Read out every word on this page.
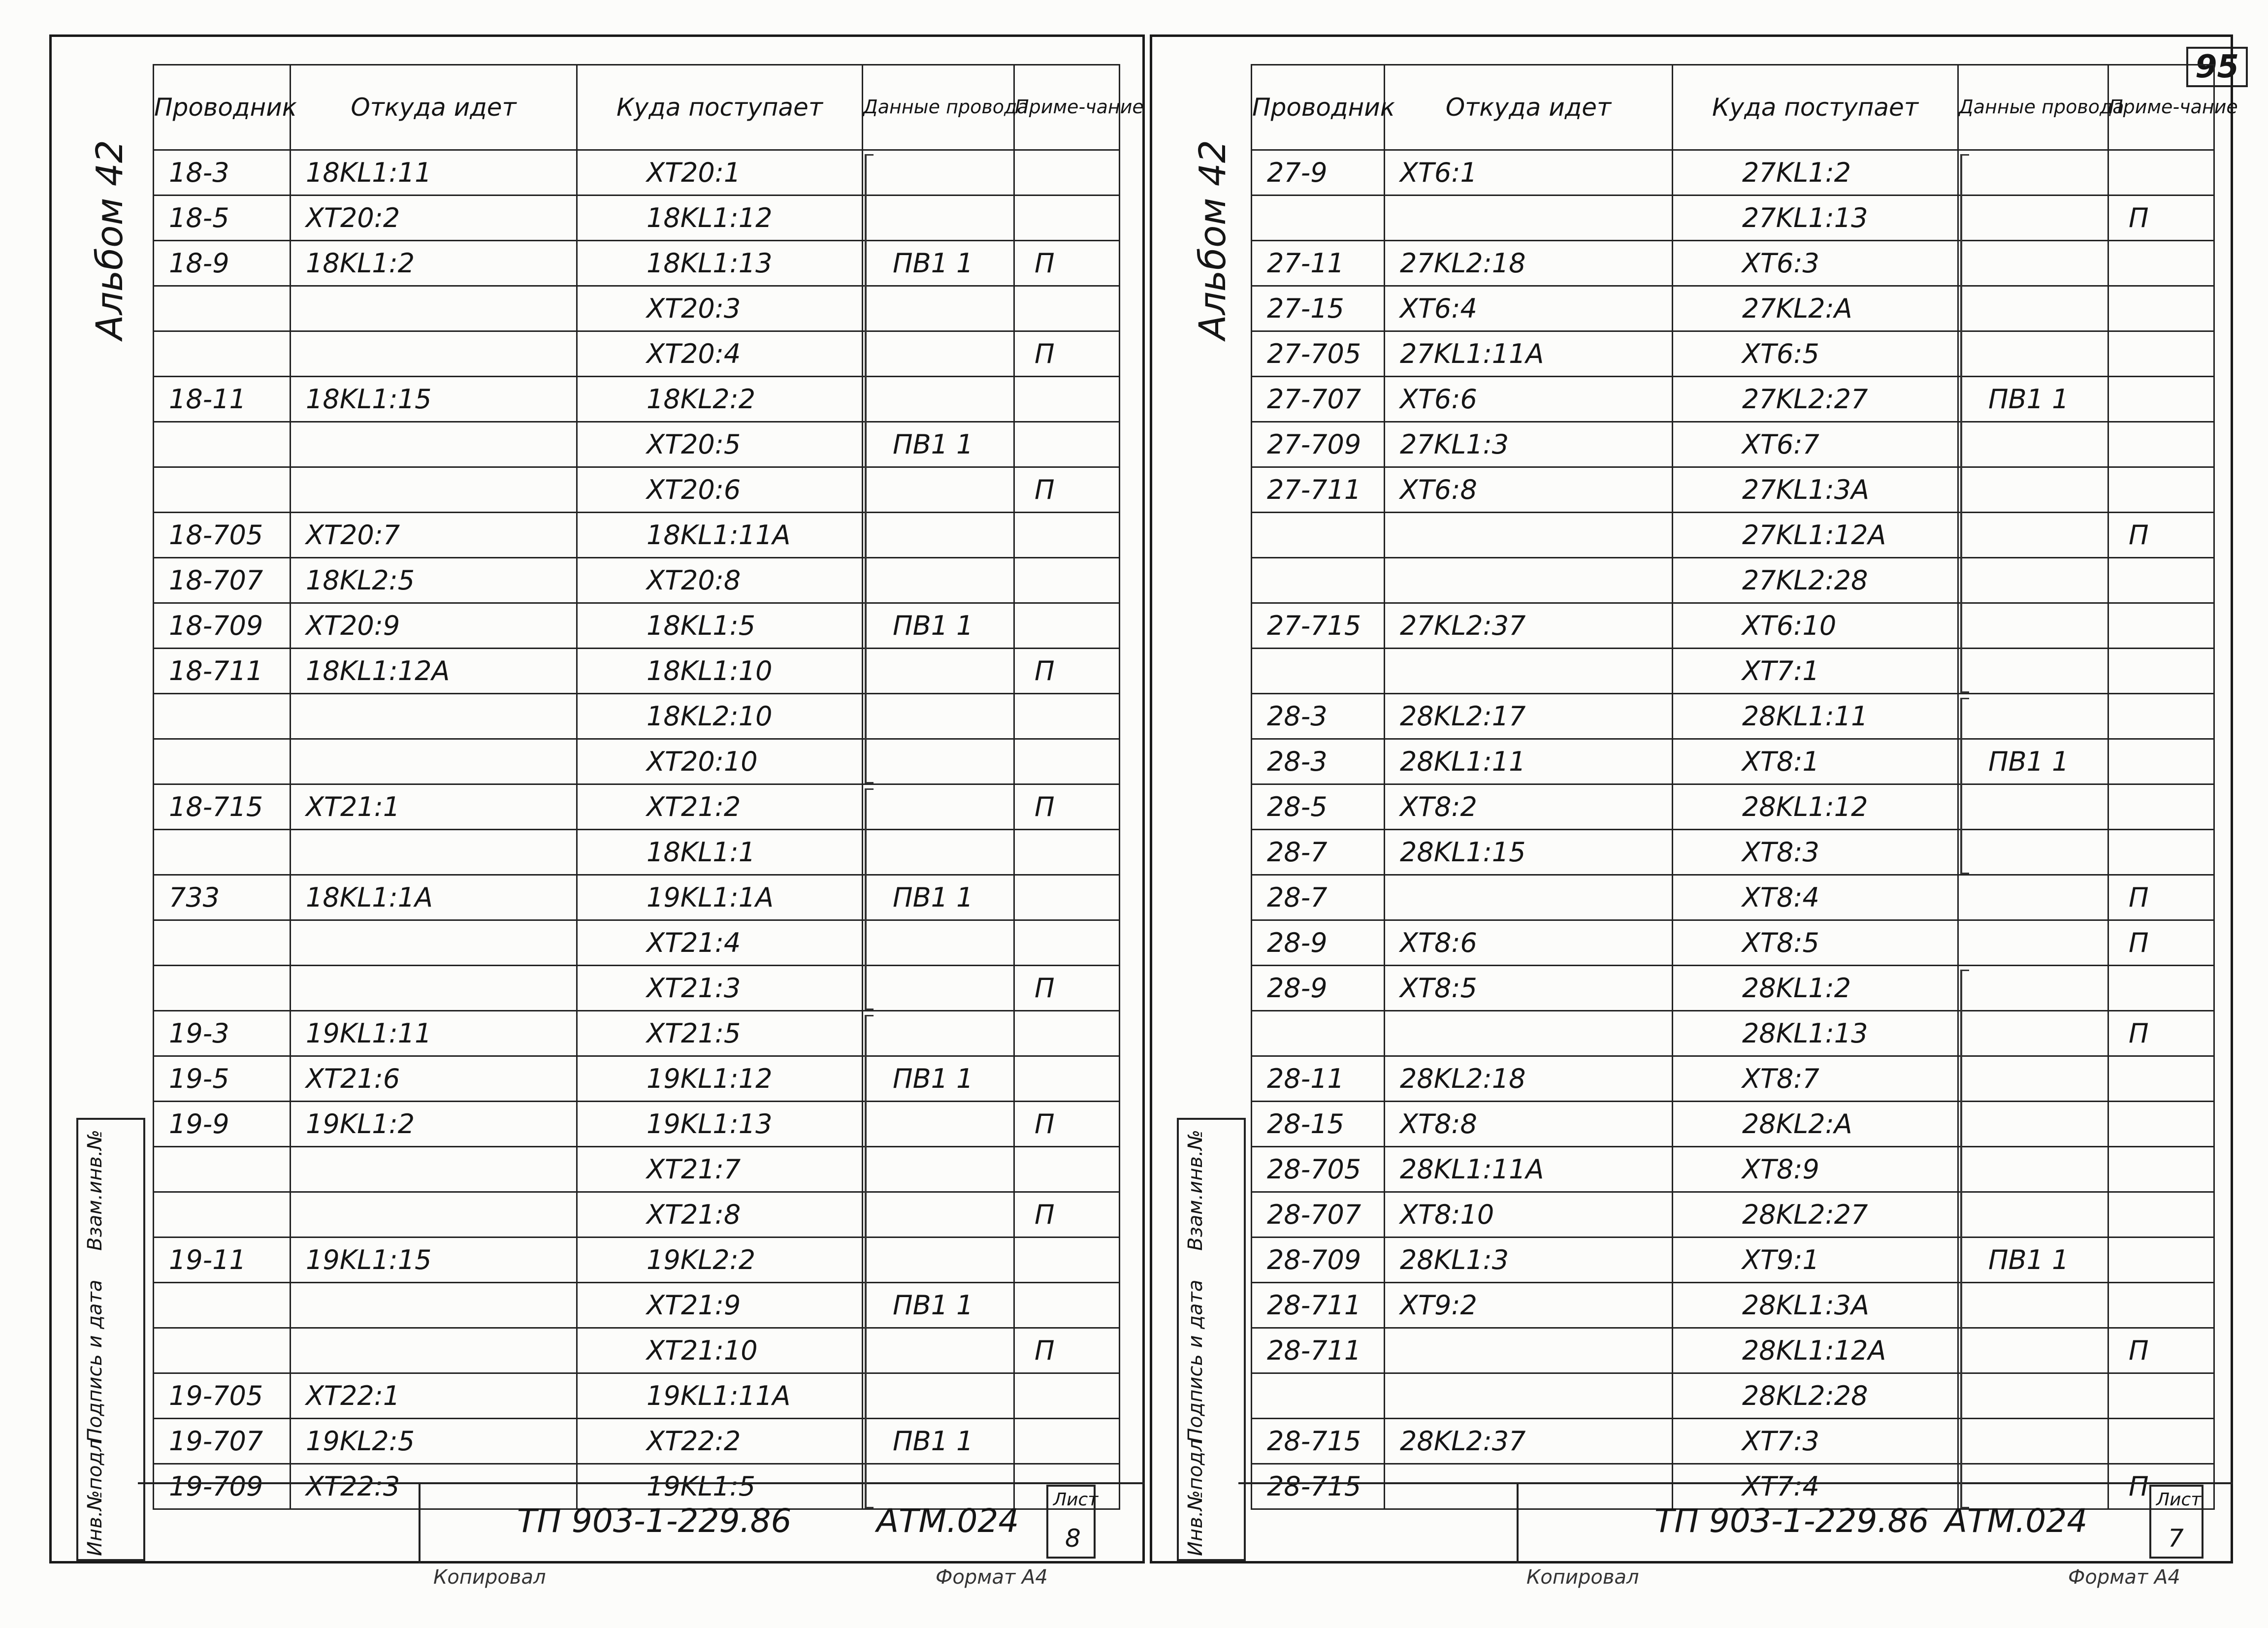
95
Альбом 42
Проводник	Откуда идет	Куда поступает	Данные провода	Приме-чание
18-3	18KL1:11	XT20:1		
18-5	XT20:2	18KL1:12		
18-9	18KL1:2	18KL1:13	ПВ1 1	П
		XT20:3		
		XT20:4		П
18-11	18KL1:15	18KL2:2		
		XT20:5	ПВ1 1	
		XT20:6		П
18-705	XT20:7	18KL1:11A		
18-707	18KL2:5	XT20:8		
18-709	XT20:9	18KL1:5	ПВ1 1	
18-711	18KL1:12A	18KL1:10		П
		18KL2:10		
		XT20:10		
18-715	XT21:1	XT21:2		П
		18KL1:1		
733	18KL1:1A	19KL1:1A	ПВ1 1	
		XT21:4		
		XT21:3		П
19-3	19KL1:11	XT21:5		
19-5	XT21:6	19KL1:12	ПВ1 1	
19-9	19KL1:2	19KL1:13		П
		XT21:7		
		XT21:8		П
19-11	19KL1:15	19KL2:2		
		XT21:9	ПВ1 1	
		XT21:10		П
19-705	XT22:1	19KL1:11A		
19-707	19KL2:5	XT22:2	ПВ1 1	
19-709	XT22:3	19KL1:5		
Взам.инв.№
Подпись и дата
Инв.№подл	ТП 903-1-229.86	АТМ.024
Лист
8
Копировал	Формат А4
Альбом 42
Проводник	Откуда идет	Куда поступает	Данные провода	Приме-чание
27-9	XT6:1	27KL1:2		
		27KL1:13		П
27-11	27KL2:18	XT6:3		
27-15	XT6:4	27KL2:A		
27-705	27KL1:11A	XT6:5		
27-707	XT6:6	27KL2:27	ПВ1 1	
27-709	27KL1:3	XT6:7		
27-711	XT6:8	27KL1:3A		
		27KL1:12A		П
		27KL2:28		
27-715	27KL2:37	XT6:10		
		XT7:1		
28-3	28KL2:17	28KL1:11		
28-3	28KL1:11	XT8:1	ПВ1 1	
28-5	XT8:2	28KL1:12		
28-7	28KL1:15	XT8:3		
28-7		XT8:4		П
28-9	XT8:6	XT8:5		П
28-9	XT8:5	28KL1:2		
		28KL1:13		П
28-11	28KL2:18	XT8:7		
28-15	XT8:8	28KL2:A		
28-705	28KL1:11A	XT8:9		
28-707	XT8:10	28KL2:27		
28-709	28KL1:3	XT9:1	ПВ1 1	
28-711	XT9:2	28KL1:3A		
28-711		28KL1:12A		П
		28KL2:28		
28-715	28KL2:37	XT7:3		
28-715		XT7:4		П
Взам.инв.№
Подпись и дата
Инв.№подл	ТП 903-1-229.86 АТМ.024
Лист
7
Копировал	Формат А4
